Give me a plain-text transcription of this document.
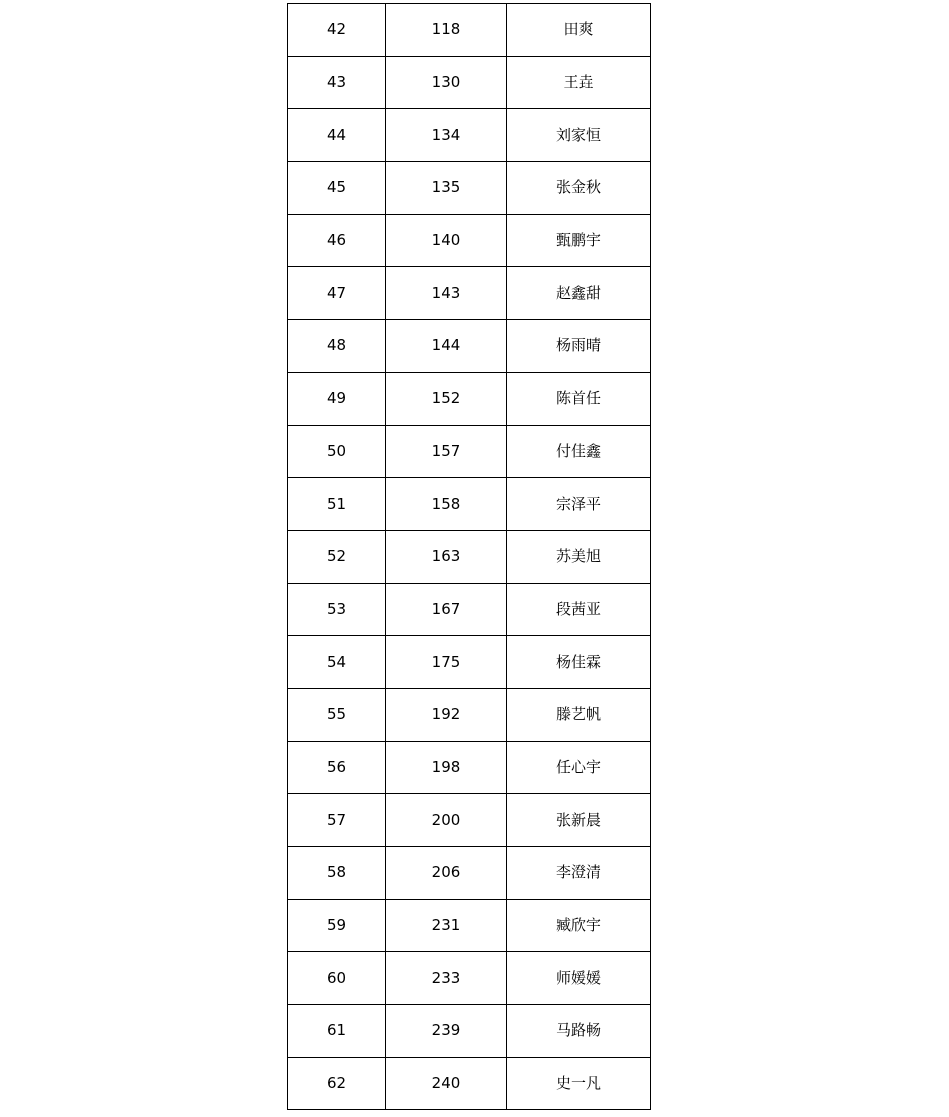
42	118	田爽
43	130	王垚
44	134	刘家恒
45	135	张金秋
46	140	甄鹏宇
47	143	赵鑫甜
48	144	杨雨晴
49	152	陈首任
50	157	付佳鑫
51	158	宗泽平
52	163	苏美旭
53	167	段茜亚
54	175	杨佳霖
55	192	滕艺帆
56	198	任心宇
57	200	张新晨
58	206	李澄清
59	231	臧欣宇
60	233	师媛媛
61	239	马路畅
62	240	史一凡
